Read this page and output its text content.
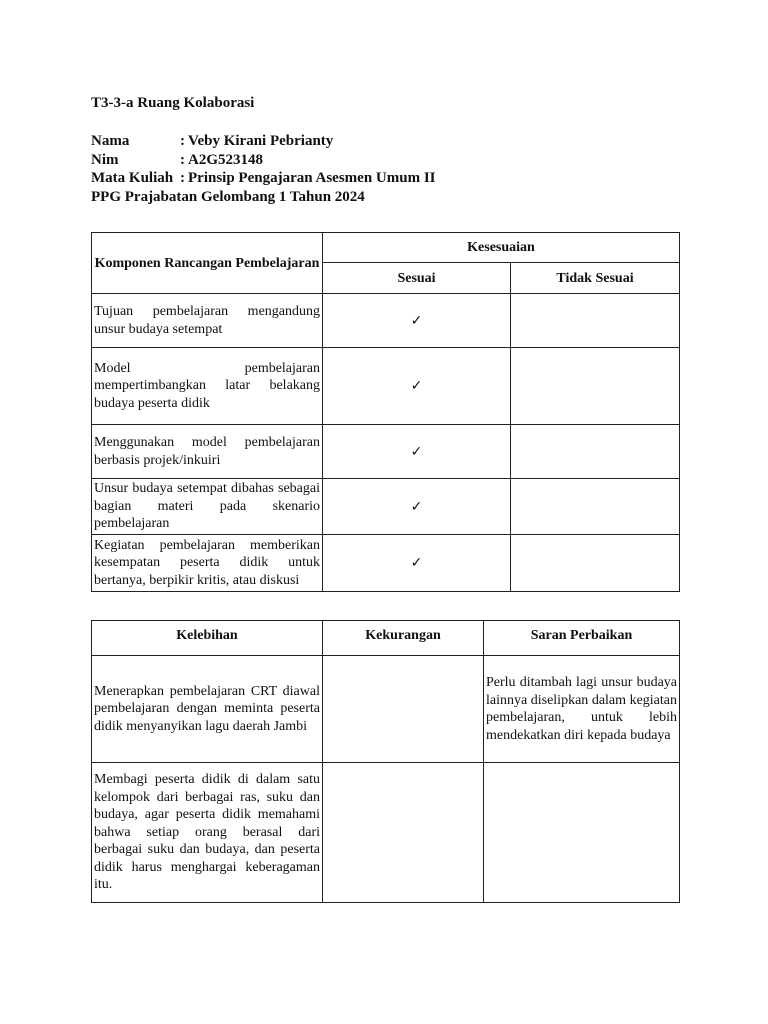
T3-3-a Ruang Kolaborasi
Nama	: Veby Kirani Pebrianty
Nim	: A2G523148
Mata Kuliah : Prinsip Pengajaran Asesmen Umum II
PPG Prajabatan Gelombang 1 Tahun 2024
Komponen Rancangan Pembelajaran	Kesesuaian	
	Sesuai	Tidak Sesuai
Tujuan pembelajaran mengandung unsur budaya setempat	✓	
Model pembelajaran mempertimbangkan latar belakang budaya peserta didik	✓	
Menggunakan model pembelajaran berbasis projek/inkuiri	✓	
Unsur budaya setempat dibahas sebagai bagian materi pada skenario pembelajaran	✓	
Kegiatan pembelajaran memberikan kesempatan peserta didik untuk bertanya, berpikir kritis, atau diskusi	✓	
Kelebihan	Kekurangan	Saran Perbaikan
Menerapkan pembelajaran CRT diawal pembelajaran dengan meminta peserta didik menyanyikan lagu daerah Jambi		Perlu ditambah lagi unsur budaya lainnya diselipkan dalam kegiatan pembelajaran, untuk lebih mendekatkan diri kepada budaya
Membagi peserta didik di dalam satu kelompok dari berbagai ras, suku dan budaya, agar peserta didik memahami bahwa setiap orang berasal dari berbagai suku dan budaya, dan peserta didik harus menghargai keberagaman itu.		
